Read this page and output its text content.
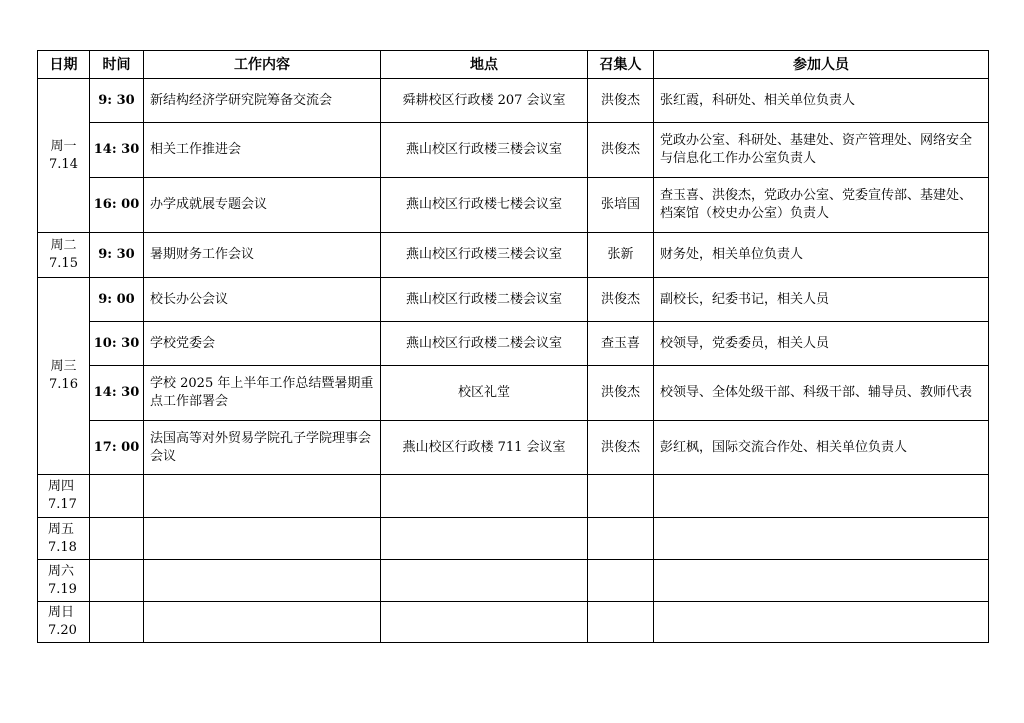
日期	时间	工作内容	地点	召集人	参加人员

周一
7.14	9: 30	新结构经济学研究院筹备交流会	舜耕校区行政楼 207 会议室	洪俊杰	张红霞，科研处、相关单位负责人
	14: 30	相关工作推进会	燕山校区行政楼三楼会议室	洪俊杰	党政办公室、科研处、基建处、资产管理处、网络安全与信息化工作办公室负责人
	16: 00	办学成就展专题会议	燕山校区行政楼七楼会议室	张培国	查玉喜、洪俊杰，党政办公室、党委宣传部、基建处、档案馆（校史办公室）负责人

周二
7.15	9: 30	暑期财务工作会议	燕山校区行政楼三楼会议室	张新	财务处，相关单位负责人

周三
7.16	9: 00	校长办公会议	燕山校区行政楼二楼会议室	洪俊杰	副校长，纪委书记，相关人员
	10: 30	学校党委会	燕山校区行政楼二楼会议室	查玉喜	校领导，党委委员，相关人员
	14: 30	学校 2025 年上半年工作总结暨暑期重点工作部署会	校区礼堂	洪俊杰	校领导、全体处级干部、科级干部、辅导员、教师代表
	17: 00	法国高等对外贸易学院孔子学院理事会会议	燕山校区行政楼 711 会议室	洪俊杰	彭红枫，国际交流合作处、相关单位负责人

周四
7.17					

周五
7.18					

周六
7.19					

周日
7.20					
